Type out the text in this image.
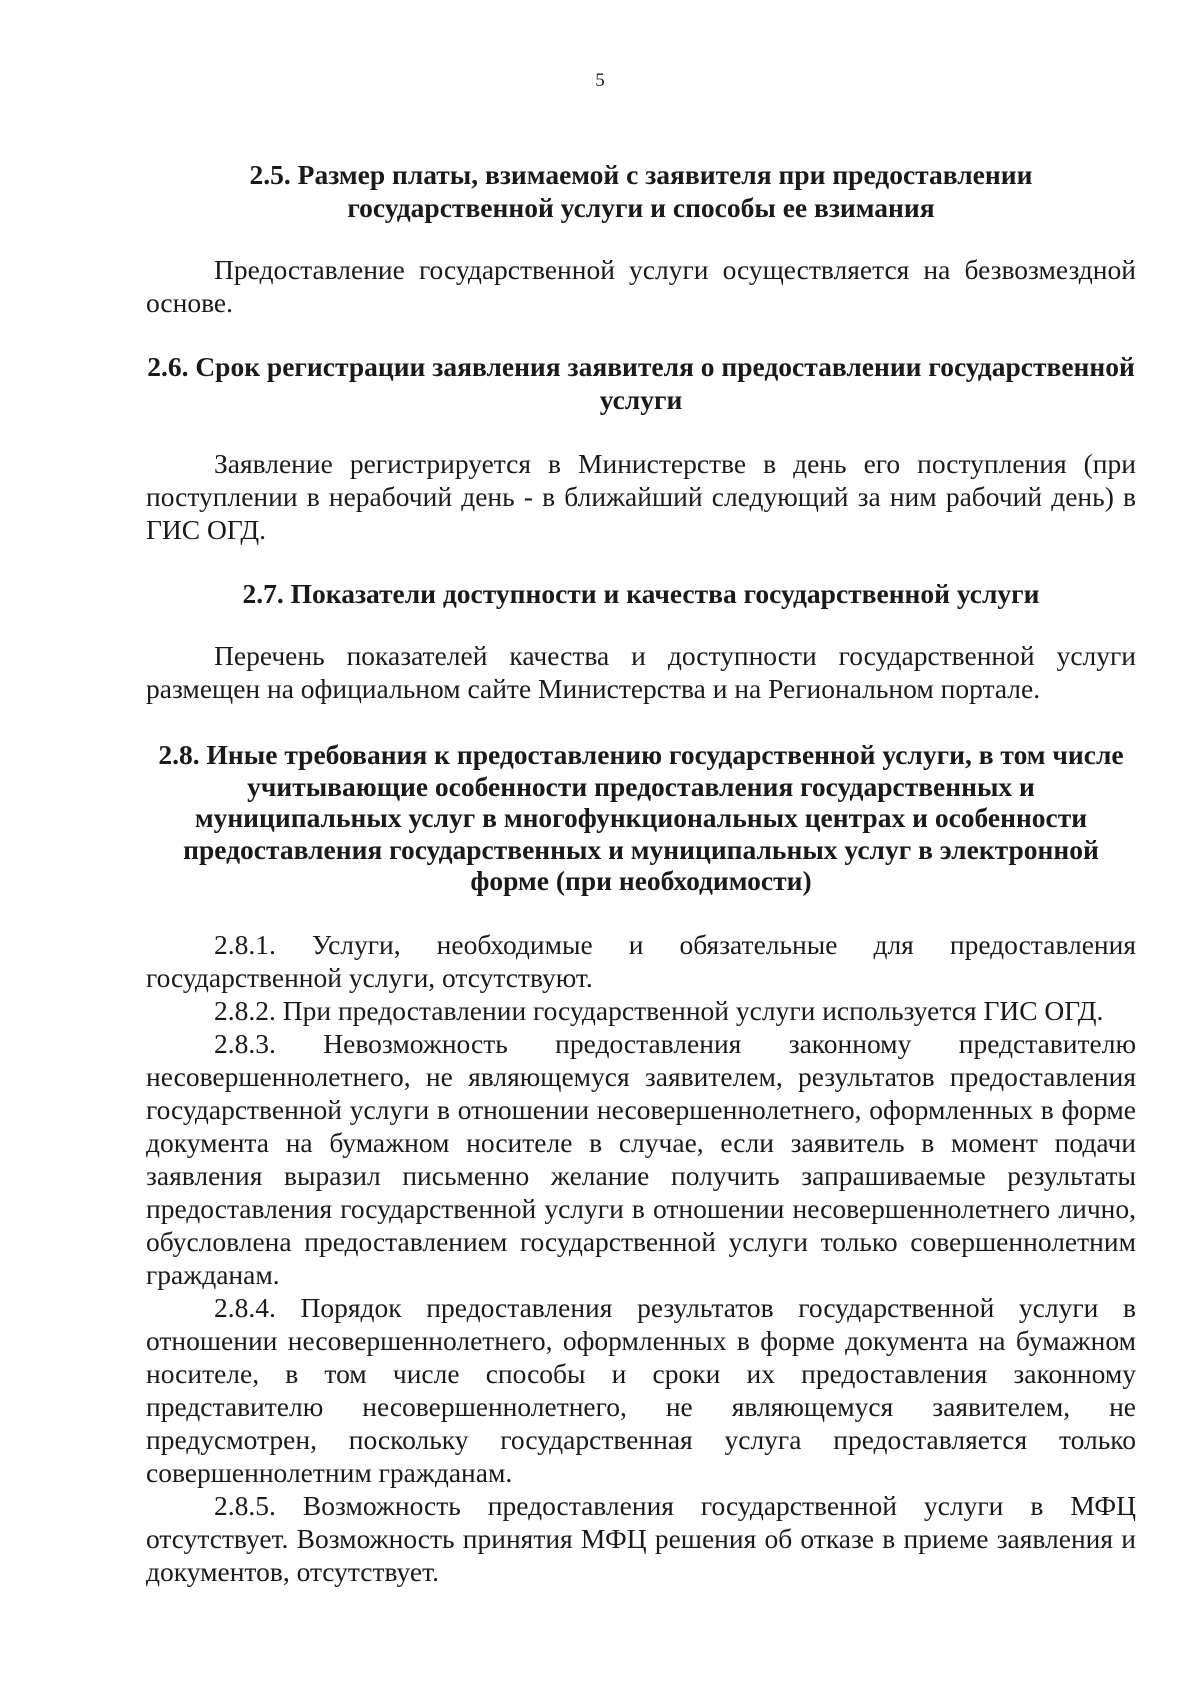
5

2.5. Размер платы, взимаемой с заявителя при предоставлении государственной услуги и способы ее взимания

Предоставление государственной услуги осуществляется на безвозмездной основе.

2.6. Срок регистрации заявления заявителя о предоставлении государственной услуги

Заявление регистрируется в Министерстве в день его поступления (при поступлении в нерабочий день - в ближайший следующий за ним рабочий день) в ГИС ОГД.

2.7. Показатели доступности и качества государственной услуги

Перечень показателей качества и доступности государственной услуги размещен на официальном сайте Министерства и на Региональном портале.

2.8. Иные требования к предоставлению государственной услуги, в том числе учитывающие особенности предоставления государственных и муниципальных услуг в многофункциональных центрах и особенности предоставления государственных и муниципальных услуг в электронной форме (при необходимости)

2.8.1. Услуги, необходимые и обязательные для предоставления государственной услуги, отсутствуют.

2.8.2. При предоставлении государственной услуги используется ГИС ОГД.

2.8.3. Невозможность предоставления законному представителю несовершеннолетнего, не являющемуся заявителем, результатов предоставления государственной услуги в отношении несовершеннолетнего, оформленных в форме документа на бумажном носителе в случае, если заявитель в момент подачи заявления выразил письменно желание получить запрашиваемые результаты предоставления государственной услуги в отношении несовершеннолетнего лично, обусловлена предоставлением государственной услуги только совершеннолетним гражданам.

2.8.4. Порядок предоставления результатов государственной услуги в отношении несовершеннолетнего, оформленных в форме документа на бумажном носителе, в том числе способы и сроки их предоставления законному представителю несовершеннолетнего, не являющемуся заявителем, не предусмотрен, поскольку государственная услуга предоставляется только совершеннолетним гражданам.

2.8.5. Возможность предоставления государственной услуги в МФЦ отсутствует. Возможность принятия МФЦ решения об отказе в приеме заявления и документов, отсутствует.
